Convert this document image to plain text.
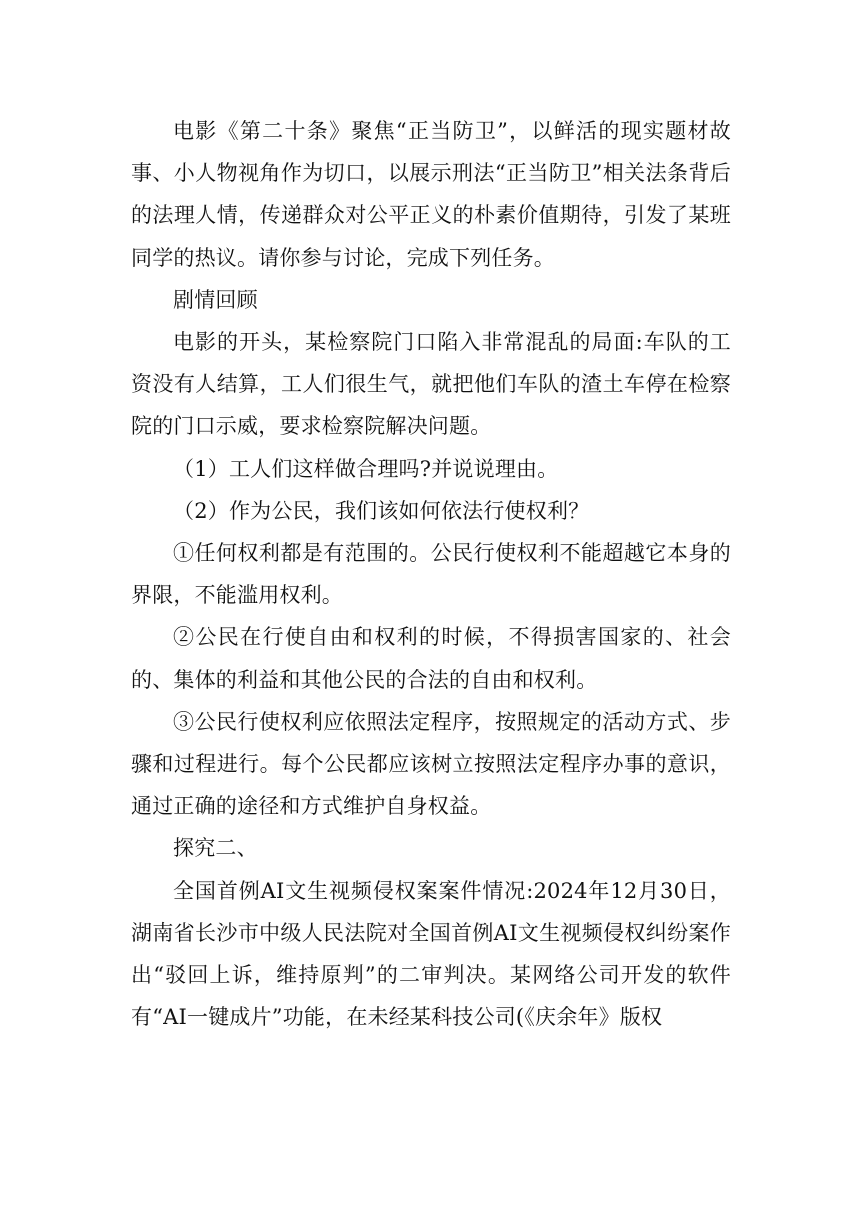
电影《第二十条》聚焦“正当防卫”，以鲜活的现实题材故事、小人物视角作为切口，以展示刑法“正当防卫”相关法条背后的法理人情，传递群众对公平正义的朴素价值期待，引发了某班同学的热议。请你参与讨论，完成下列任务。

剧情回顾

电影的开头，某检察院门口陷入非常混乱的局面:车队的工资没有人结算，工人们很生气，就把他们车队的渣土车停在检察院的门口示威，要求检察院解决问题。

（1）工人们这样做合理吗?并说说理由。

（2）作为公民，我们该如何依法行使权利？

①任何权利都是有范围的。公民行使权利不能超越它本身的界限，不能滥用权利。

②公民在行使自由和权利的时候，不得损害国家的、社会的、集体的利益和其他公民的合法的自由和权利。

③公民行使权利应依照法定程序，按照规定的活动方式、步骤和过程进行。每个公民都应该树立按照法定程序办事的意识，通过正确的途径和方式维护自身权益。

探究二、

全国首例AI文生视频侵权案案件情况:2024年12月30日，湖南省长沙市中级人民法院对全国首例AI文生视频侵权纠纷案作出“驳回上诉，维持原判”的二审判决。某网络公司开发的软件有“AI一键成片”功能，在未经某科技公司(《庆余年》版权
